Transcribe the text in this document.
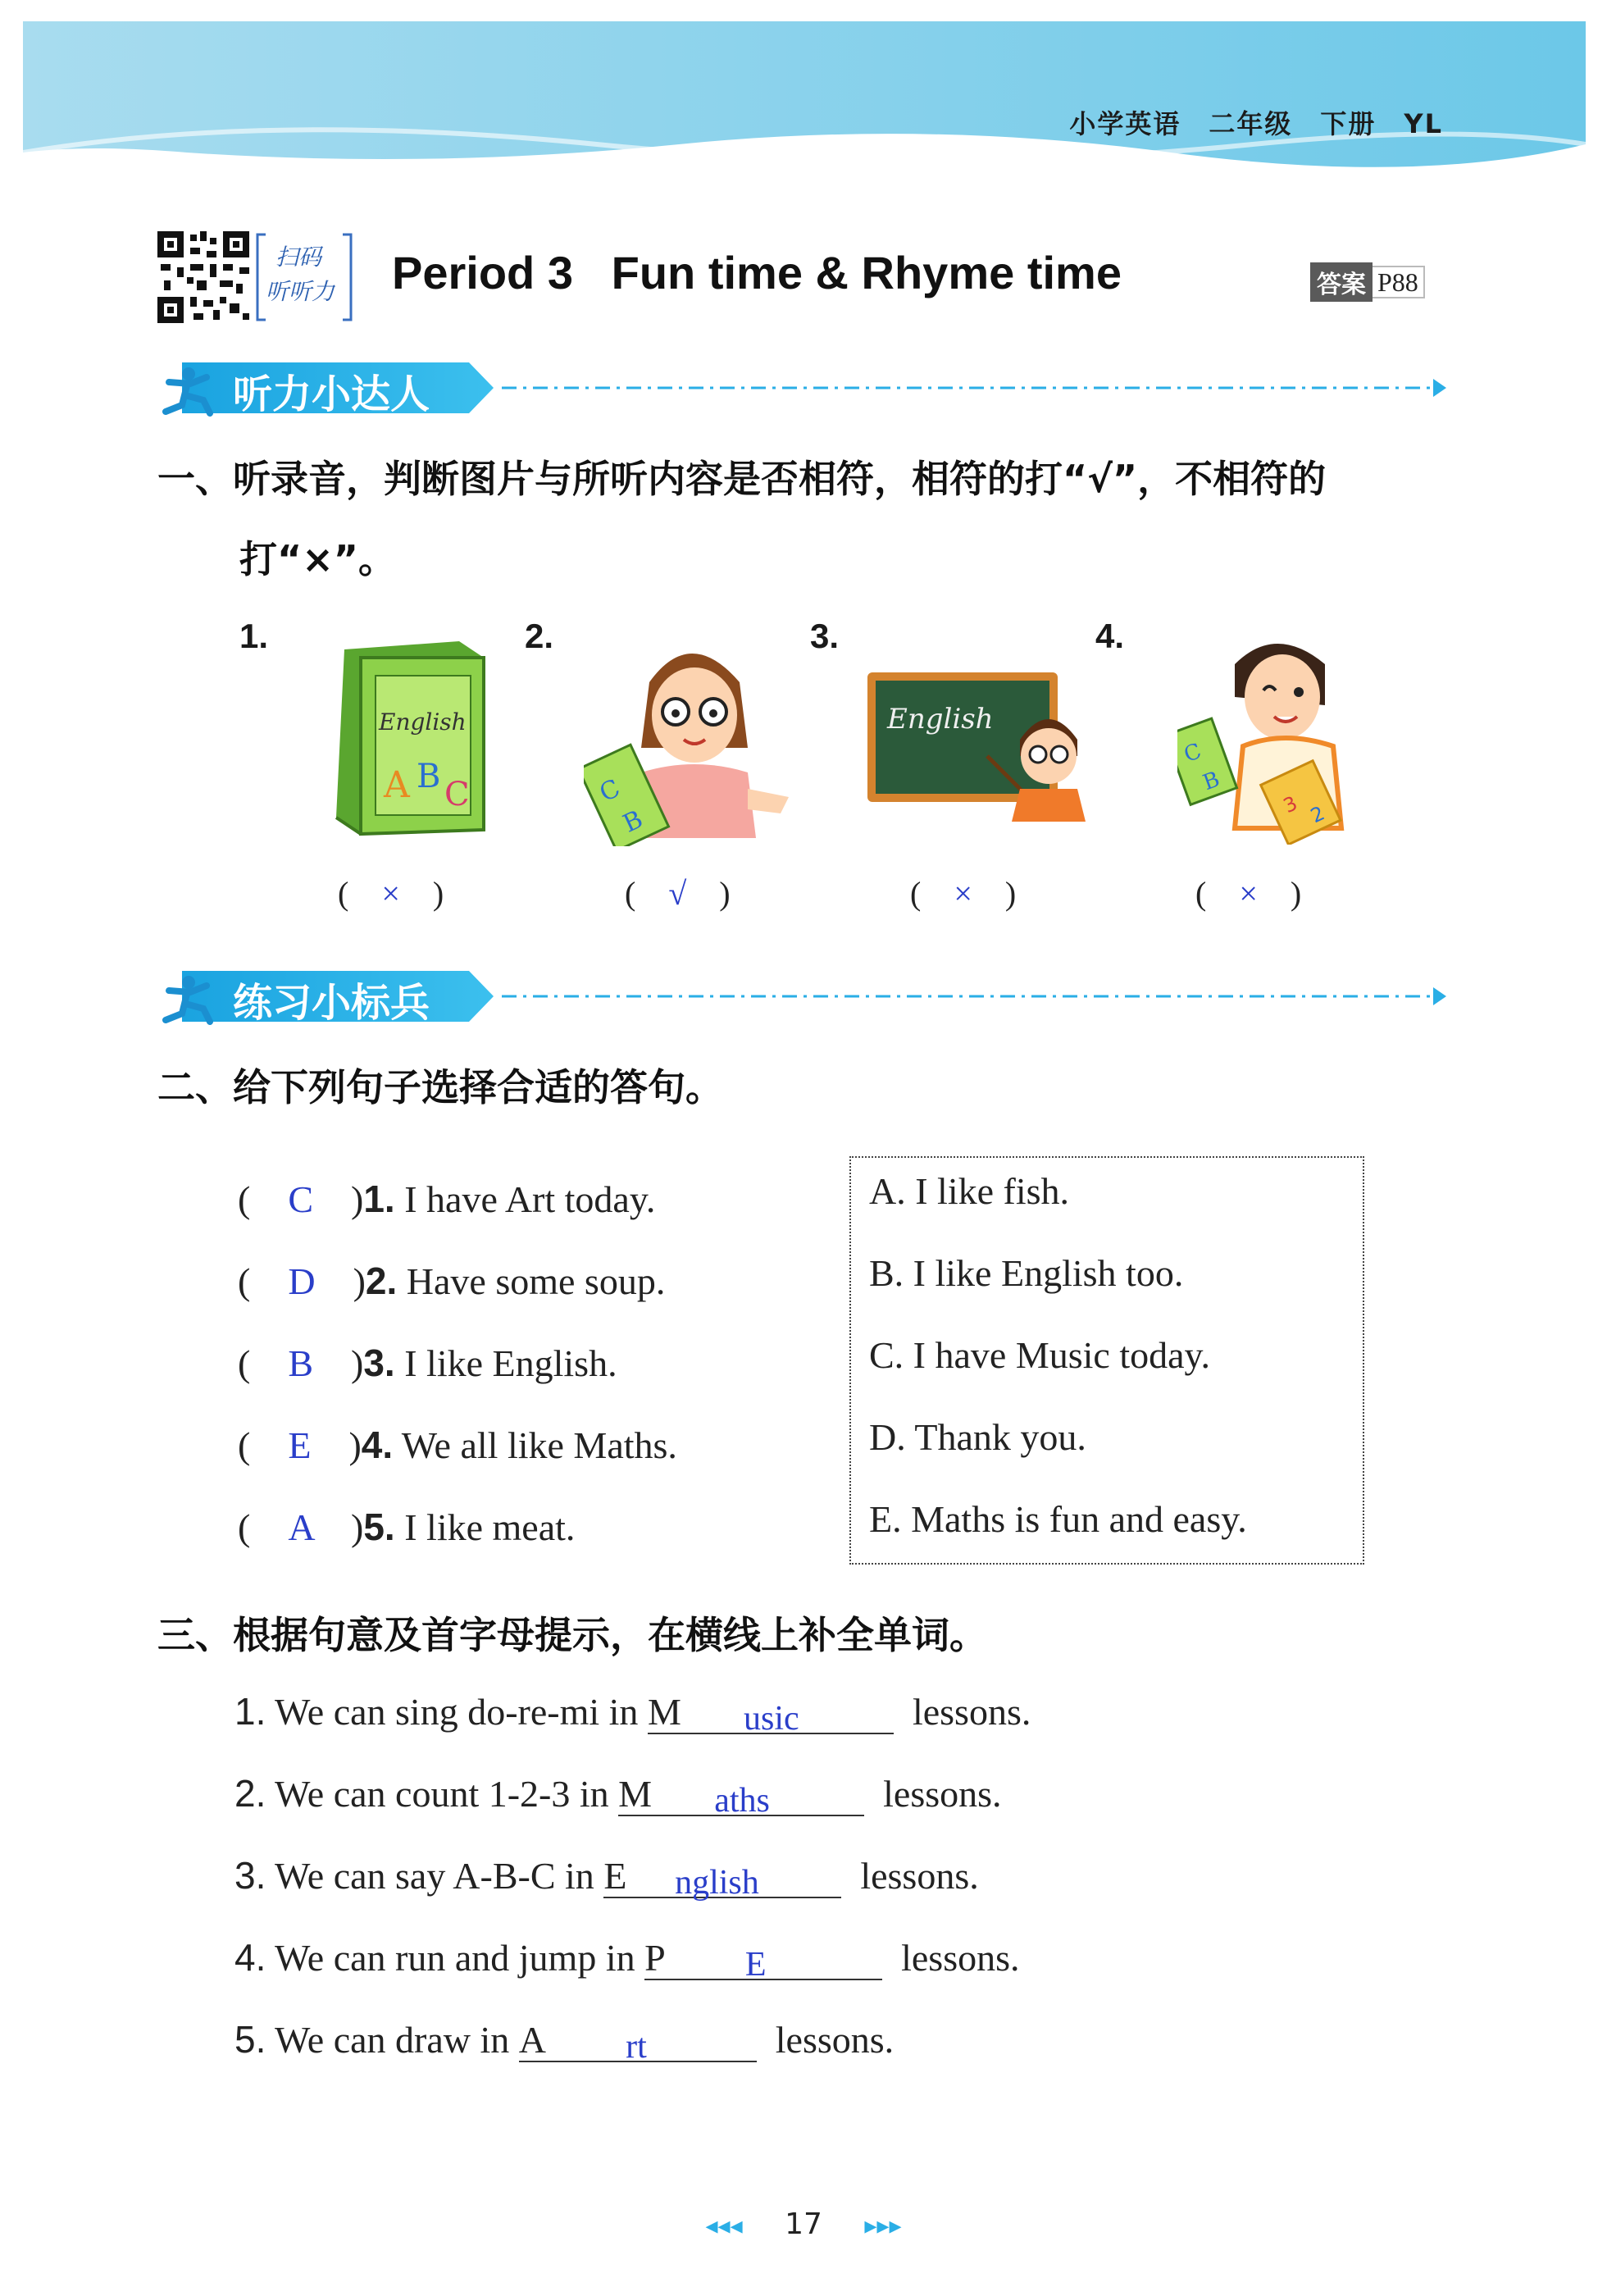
小学英语　二年级　下册　YL
扫码
听听力 Period 3   Fun time & Rhyme time	答案 P88
听力小达人
一、听录音，判断图片与所听内容是否相符，相符的打“√”，不相符的
打“×”。
1.	2.	3.	4.
English
A B C	C
B
English
C
B
3 2
(　×　)	(　√　)	(　×　)	(　×　)
练习小标兵
二、给下列句子选择合适的答句。
(　C　)1. I have Art today.
(　D　)2. Have some soup.
(　B　)3. I like English.
(　E　)4. We all like Maths.
(　A　)5. I like meat.
A. I like fish.
B. I like English too.
C. I have Music today.
D. Thank you.
E. Maths is fun and easy.
三、根据句意及首字母提示，在横线上补全单词。
1. We can sing do-re-mi in M usic	lessons.
2. We can count 1-2-3 in M aths	lessons.
3. We can say A-B-C in E nglish	lessons.
4. We can run and jump in P E	lessons.
5. We can draw in A rt	lessons.
◂◂◂ 17 ▸▸▸
